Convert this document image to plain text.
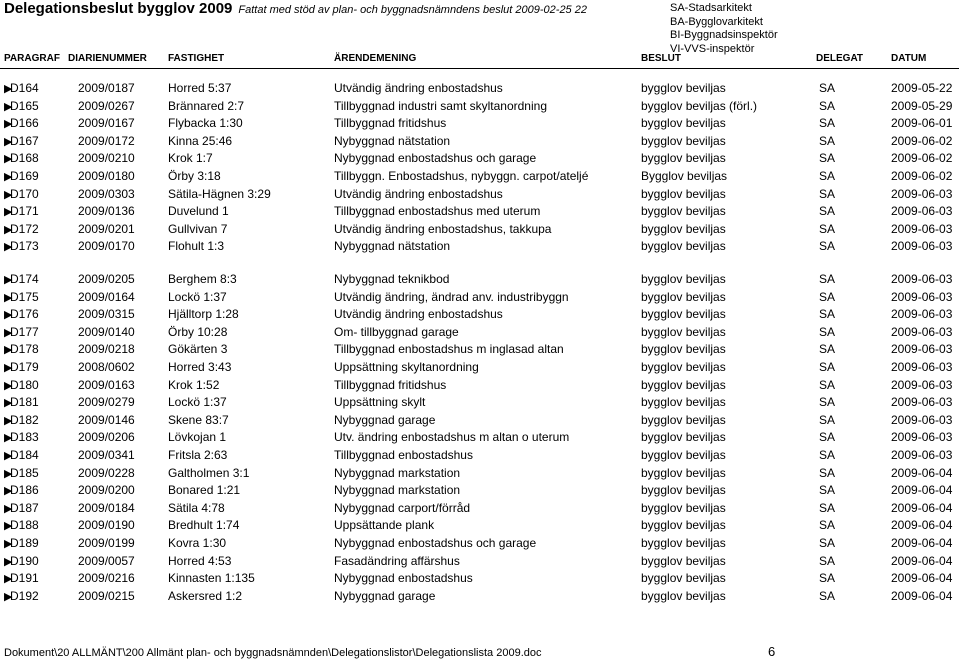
Delegationsbeslut bygglov 2009 Fattat med stöd av plan- och byggnadsnämndens beslut 2009-02-25 22	SA-Stadsarkitekt
BA-Bygglovarkitekt
BI-Byggnadsinspektör
VI-VVS-inspektör
PARAGRAF DIARIENUMMER FASTIGHET	ÄRENDEMENING	BESLUT	DELEGAT	DATUM
▶
D164	2009/0187	Horred 5:37	Utvändig ändring enbostadshus	bygglov beviljas	SA	2009-05-22
▶
D165	2009/0267	Brännared 2:7	Tillbyggnad industri samt skyltanordning	bygglov beviljas (förl.)	SA	2009-05-29
▶
D166	2009/0167	Flybacka 1:30	Tillbyggnad fritidshus	bygglov beviljas	SA	2009-06-01
▶
D167	2009/0172	Kinna 25:46	Nybyggnad nätstation	bygglov beviljas	SA	2009-06-02
▶
D168	2009/0210	Krok 1:7	Nybyggnad enbostadshus och garage	bygglov beviljas	SA	2009-06-02
▶
D169	2009/0180	Örby 3:18	Tillbyggn. Enbostadshus, nybyggn. carpot/ateljé	Bygglov beviljas	SA	2009-06-02
▶
D170	2009/0303	Sätila-Hägnen 3:29	Utvändig ändring enbostadshus	bygglov beviljas	SA	2009-06-03
▶
D171	2009/0136	Duvelund 1	Tillbyggnad enbostadshus med uterum	bygglov beviljas	SA	2009-06-03
▶
D172	2009/0201	Gullvivan 7	Utvändig ändring enbostadshus, takkupa	bygglov beviljas	SA	2009-06-03
▶
D173	2009/0170	Flohult 1:3	Nybyggnad nätstation	bygglov beviljas	SA	2009-06-03
▶
D174	2009/0205	Berghem 8:3	Nybyggnad teknikbod	bygglov beviljas	SA	2009-06-03
▶
D175	2009/0164	Lockö 1:37	Utvändig ändring, ändrad anv. industribyggn	bygglov beviljas	SA	2009-06-03
▶
D176	2009/0315	Hjälltorp 1:28	Utvändig ändring enbostadshus	bygglov beviljas	SA	2009-06-03
▶
D177	2009/0140	Örby 10:28	Om- tillbyggnad garage	bygglov beviljas	SA	2009-06-03
▶
D178	2009/0218	Gökärten 3	Tillbyggnad enbostadshus m inglasad altan	bygglov beviljas	SA	2009-06-03
▶
D179	2008/0602	Horred 3:43	Uppsättning skyltanordning	bygglov beviljas	SA	2009-06-03
▶
D180	2009/0163	Krok 1:52	Tillbyggnad fritidshus	bygglov beviljas	SA	2009-06-03
▶
D181	2009/0279	Lockö 1:37	Uppsättning skylt	bygglov beviljas	SA	2009-06-03
▶
D182	2009/0146	Skene 83:7	Nybyggnad garage	bygglov beviljas	SA	2009-06-03
▶
D183	2009/0206	Lövkojan 1	Utv. ändring enbostadshus m altan o uterum	bygglov beviljas	SA	2009-06-03
▶
D184	2009/0341	Fritsla 2:63	Tillbyggnad enbostadshus	bygglov beviljas	SA	2009-06-03
▶
D185	2009/0228	Galtholmen 3:1	Nybyggnad markstation	bygglov beviljas	SA	2009-06-04
▶
D186	2009/0200	Bonared 1:21	Nybyggnad markstation	bygglov beviljas	SA	2009-06-04
▶
D187	2009/0184	Sätila 4:78	Nybyggnad carport/förråd	bygglov beviljas	SA	2009-06-04
▶
D188	2009/0190	Bredhult 1:74	Uppsättande plank	bygglov beviljas	SA	2009-06-04
▶
D189	2009/0199	Kovra 1:30	Nybyggnad enbostadshus och garage	bygglov beviljas	SA	2009-06-04
▶
D190	2009/0057	Horred 4:53	Fasadändring affärshus	bygglov beviljas	SA	2009-06-04
▶
D191	2009/0216	Kinnasten 1:135	Nybyggnad enbostadshus	bygglov beviljas	SA	2009-06-04
▶
D192	2009/0215	Askersred 1:2	Nybyggnad garage	bygglov beviljas	SA	2009-06-04
Dokument\20 ALLMÄNT\200 Allmänt plan- och byggnadsnämnden\Delegationslistor\Delegationslista 2009.doc	6
